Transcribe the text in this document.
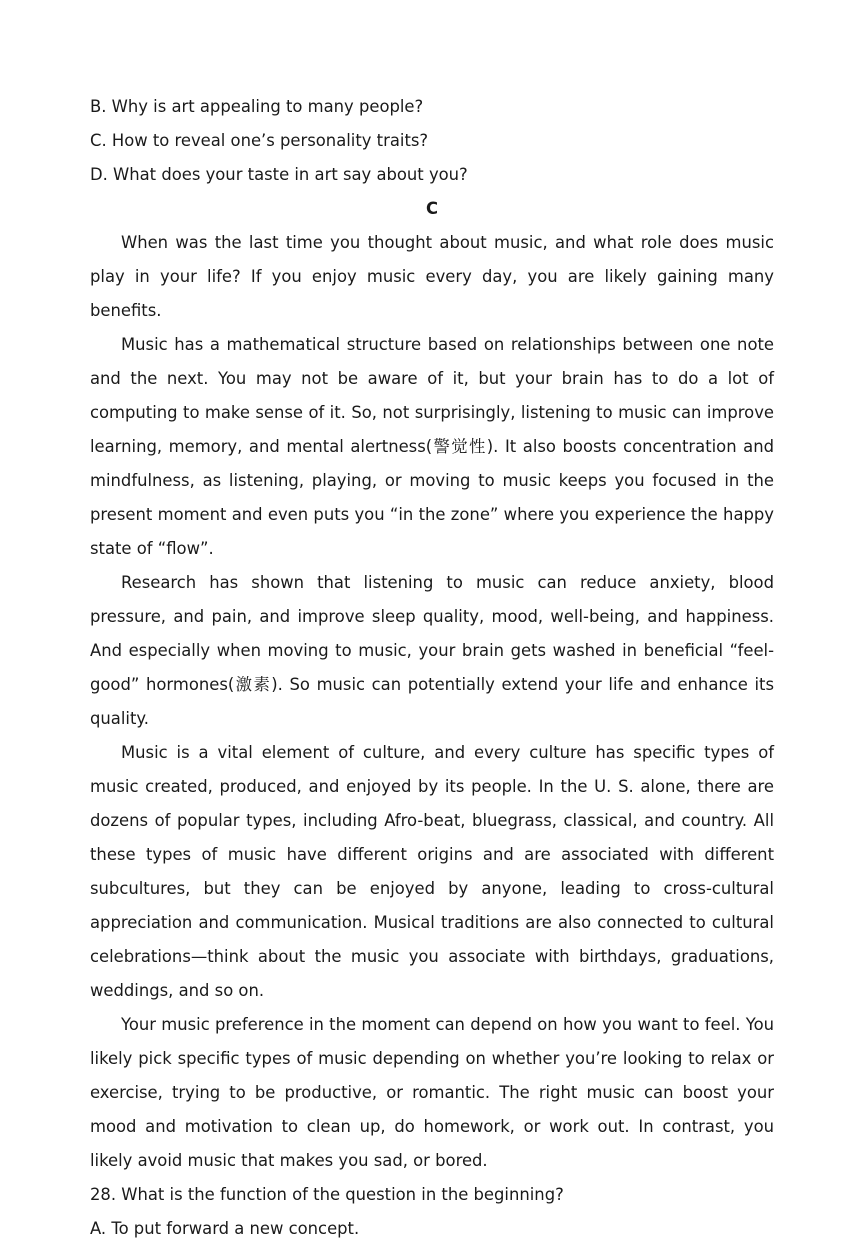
B. Why is art appealing to many people?

C. How to reveal one’s personality traits?

D. What does your taste in art say about you?

C

When was the last time you thought about music, and what role does music play in your life? If you enjoy music every day, you are likely gaining many benefits.

Music has a mathematical structure based on relationships between one note and the next. You may not be aware of it, but your brain has to do a lot of computing to make sense of it. So, not surprisingly, listening to music can improve learning, memory, and mental alertness(警觉性). It also boosts concentration and mindfulness, as listening, playing, or moving to music keeps you focused in the present moment and even puts you “in the zone” where you experience the happy state of “flow”.

Research has shown that listening to music can reduce anxiety, blood pressure, and pain, and improve sleep quality, mood, well-being, and happiness. And especially when moving to music, your brain gets washed in beneficial “feel-good” hormones(激素). So music can potentially extend your life and enhance its quality.

Music is a vital element of culture, and every culture has specific types of music created, produced, and enjoyed by its people. In the U. S. alone, there are dozens of popular types, including Afro-beat, bluegrass, classical, and country. All these types of music have different origins and are associated with different subcultures, but they can be enjoyed by anyone, leading to cross-cultural appreciation and communication. Musical traditions are also connected to cultural celebrations—think about the music you associate with birthdays, graduations, weddings, and so on.

Your music preference in the moment can depend on how you want to feel. You likely pick specific types of music depending on whether you’re looking to relax or exercise, trying to be productive, or romantic. The right music can boost your mood and motivation to clean up, do homework, or work out. In contrast, you likely avoid music that makes you sad, or bored.

28. What is the function of the question in the beginning?

A. To put forward a new concept.
